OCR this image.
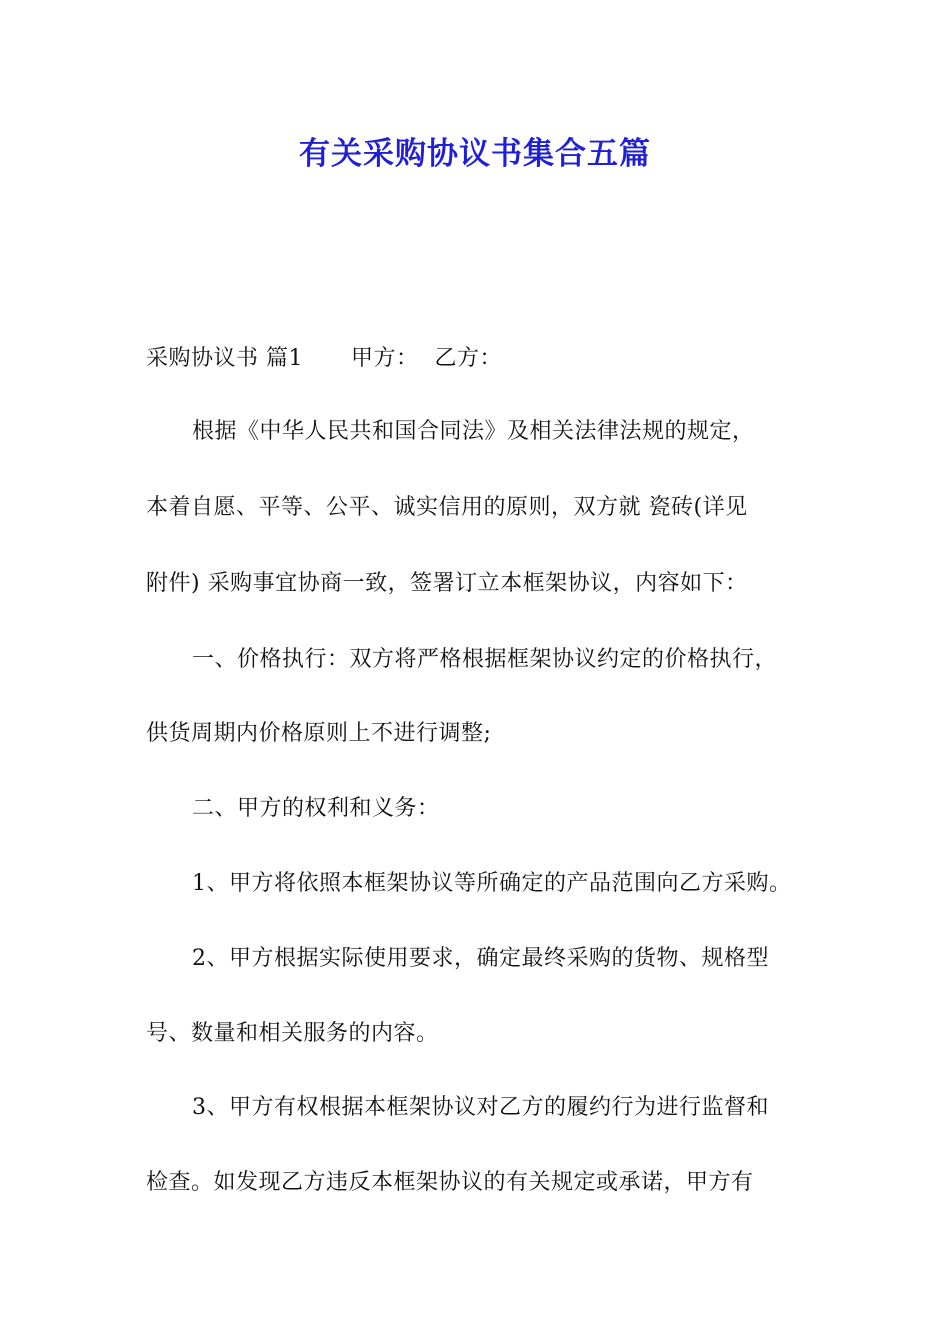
有关采购协议书集合五篇
采购协议书 篇1 甲方： 乙方：
根据《中华人民共和国合同法》及相关法律法规的规定，
本着自愿、平等、公平、诚实信用的原则，双方就 瓷砖(详见
附件) 采购事宜协商一致，签署订立本框架协议，内容如下：
一、价格执行：双方将严格根据框架协议约定的价格执行，
供货周期内价格原则上不进行调整;
二、甲方的权利和义务：
1、甲方将依照本框架协议等所确定的产品范围向乙方采购。
2、甲方根据实际使用要求，确定最终采购的货物、规格型
号、数量和相关服务的内容。
3、甲方有权根据本框架协议对乙方的履约行为进行监督和
检查。如发现乙方违反本框架协议的有关规定或承诺，甲方有
